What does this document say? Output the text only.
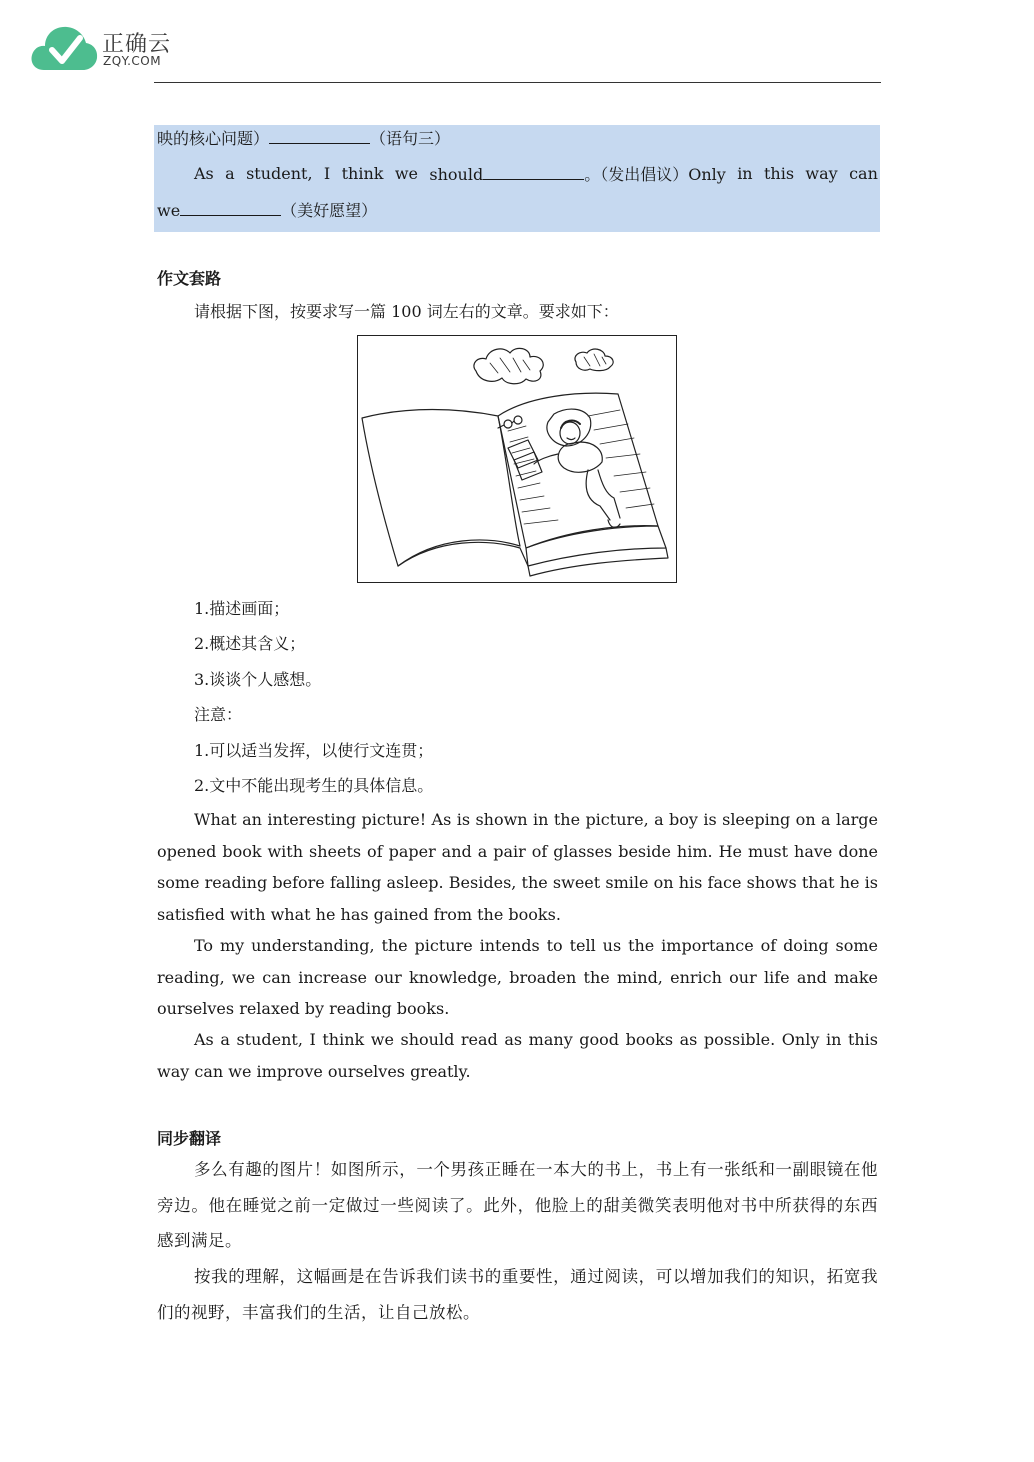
正确云
ZQY.COM
映的核心问题）	（语句三）
As a student, I think we should	。（发出倡议）Only in this way can
we	（美好愿望）
作文套路
请根据下图，按要求写一篇 100 词左右的文章。要求如下：
1.描述画面；
2.概述其含义；
3.谈谈个人感想。
注意：
1.可以适当发挥，以使行文连贯；
2.文中不能出现考生的具体信息。
What an interesting picture! As is shown in the picture, a boy is sleeping on a large opened book with sheets of paper and a pair of glasses beside him. He must have done some reading before falling asleep. Besides, the sweet smile on his face shows that he is satisfied with what he has gained from the books.
To my understanding, the picture intends to tell us the importance of doing some reading, we can increase our knowledge, broaden the mind, enrich our life and make ourselves relaxed by reading books.
As a student, I think we should read as many good books as possible. Only in this way can we improve ourselves greatly.
同步翻译
多么有趣的图片！如图所示，一个男孩正睡在一本大的书上，书上有一张纸和一副眼镜在他旁边。他在睡觉之前一定做过一些阅读了。此外，他脸上的甜美微笑表明他对书中所获得的东西感到满足。
按我的理解，这幅画是在告诉我们读书的重要性，通过阅读，可以增加我们的知识，拓宽我们的视野，丰富我们的生活，让自己放松。
